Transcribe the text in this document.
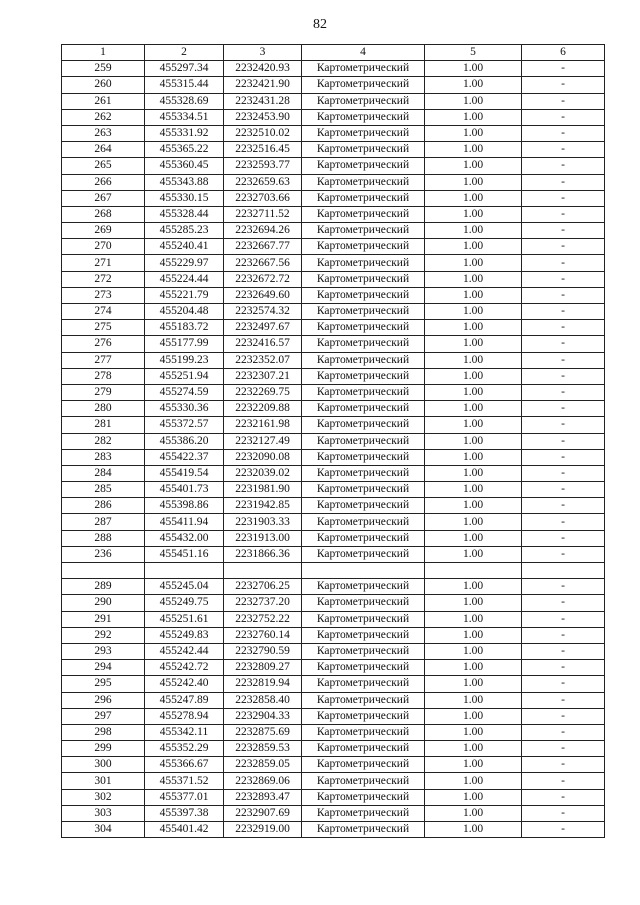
82
1	2	3	4	5	6
259	455297.34	2232420.93	Картометрический	1.00	-
260	455315.44	2232421.90	Картометрический	1.00	-
261	455328.69	2232431.28	Картометрический	1.00	-
262	455334.51	2232453.90	Картометрический	1.00	-
263	455331.92	2232510.02	Картометрический	1.00	-
264	455365.22	2232516.45	Картометрический	1.00	-
265	455360.45	2232593.77	Картометрический	1.00	-
266	455343.88	2232659.63	Картометрический	1.00	-
267	455330.15	2232703.66	Картометрический	1.00	-
268	455328.44	2232711.52	Картометрический	1.00	-
269	455285.23	2232694.26	Картометрический	1.00	-
270	455240.41	2232667.77	Картометрический	1.00	-
271	455229.97	2232667.56	Картометрический	1.00	-
272	455224.44	2232672.72	Картометрический	1.00	-
273	455221.79	2232649.60	Картометрический	1.00	-
274	455204.48	2232574.32	Картометрический	1.00	-
275	455183.72	2232497.67	Картометрический	1.00	-
276	455177.99	2232416.57	Картометрический	1.00	-
277	455199.23	2232352.07	Картометрический	1.00	-
278	455251.94	2232307.21	Картометрический	1.00	-
279	455274.59	2232269.75	Картометрический	1.00	-
280	455330.36	2232209.88	Картометрический	1.00	-
281	455372.57	2232161.98	Картометрический	1.00	-
282	455386.20	2232127.49	Картометрический	1.00	-
283	455422.37	2232090.08	Картометрический	1.00	-
284	455419.54	2232039.02	Картометрический	1.00	-
285	455401.73	2231981.90	Картометрический	1.00	-
286	455398.86	2231942.85	Картометрический	1.00	-
287	455411.94	2231903.33	Картометрический	1.00	-
288	455432.00	2231913.00	Картометрический	1.00	-
236	455451.16	2231866.36	Картометрический	1.00	-

289	455245.04	2232706.25	Картометрический	1.00	-
290	455249.75	2232737.20	Картометрический	1.00	-
291	455251.61	2232752.22	Картометрический	1.00	-
292	455249.83	2232760.14	Картометрический	1.00	-
293	455242.44	2232790.59	Картометрический	1.00	-
294	455242.72	2232809.27	Картометрический	1.00	-
295	455242.40	2232819.94	Картометрический	1.00	-
296	455247.89	2232858.40	Картометрический	1.00	-
297	455278.94	2232904.33	Картометрический	1.00	-
298	455342.11	2232875.69	Картометрический	1.00	-
299	455352.29	2232859.53	Картометрический	1.00	-
300	455366.67	2232859.05	Картометрический	1.00	-
301	455371.52	2232869.06	Картометрический	1.00	-
302	455377.01	2232893.47	Картометрический	1.00	-
303	455397.38	2232907.69	Картометрический	1.00	-
304	455401.42	2232919.00	Картометрический	1.00	-
